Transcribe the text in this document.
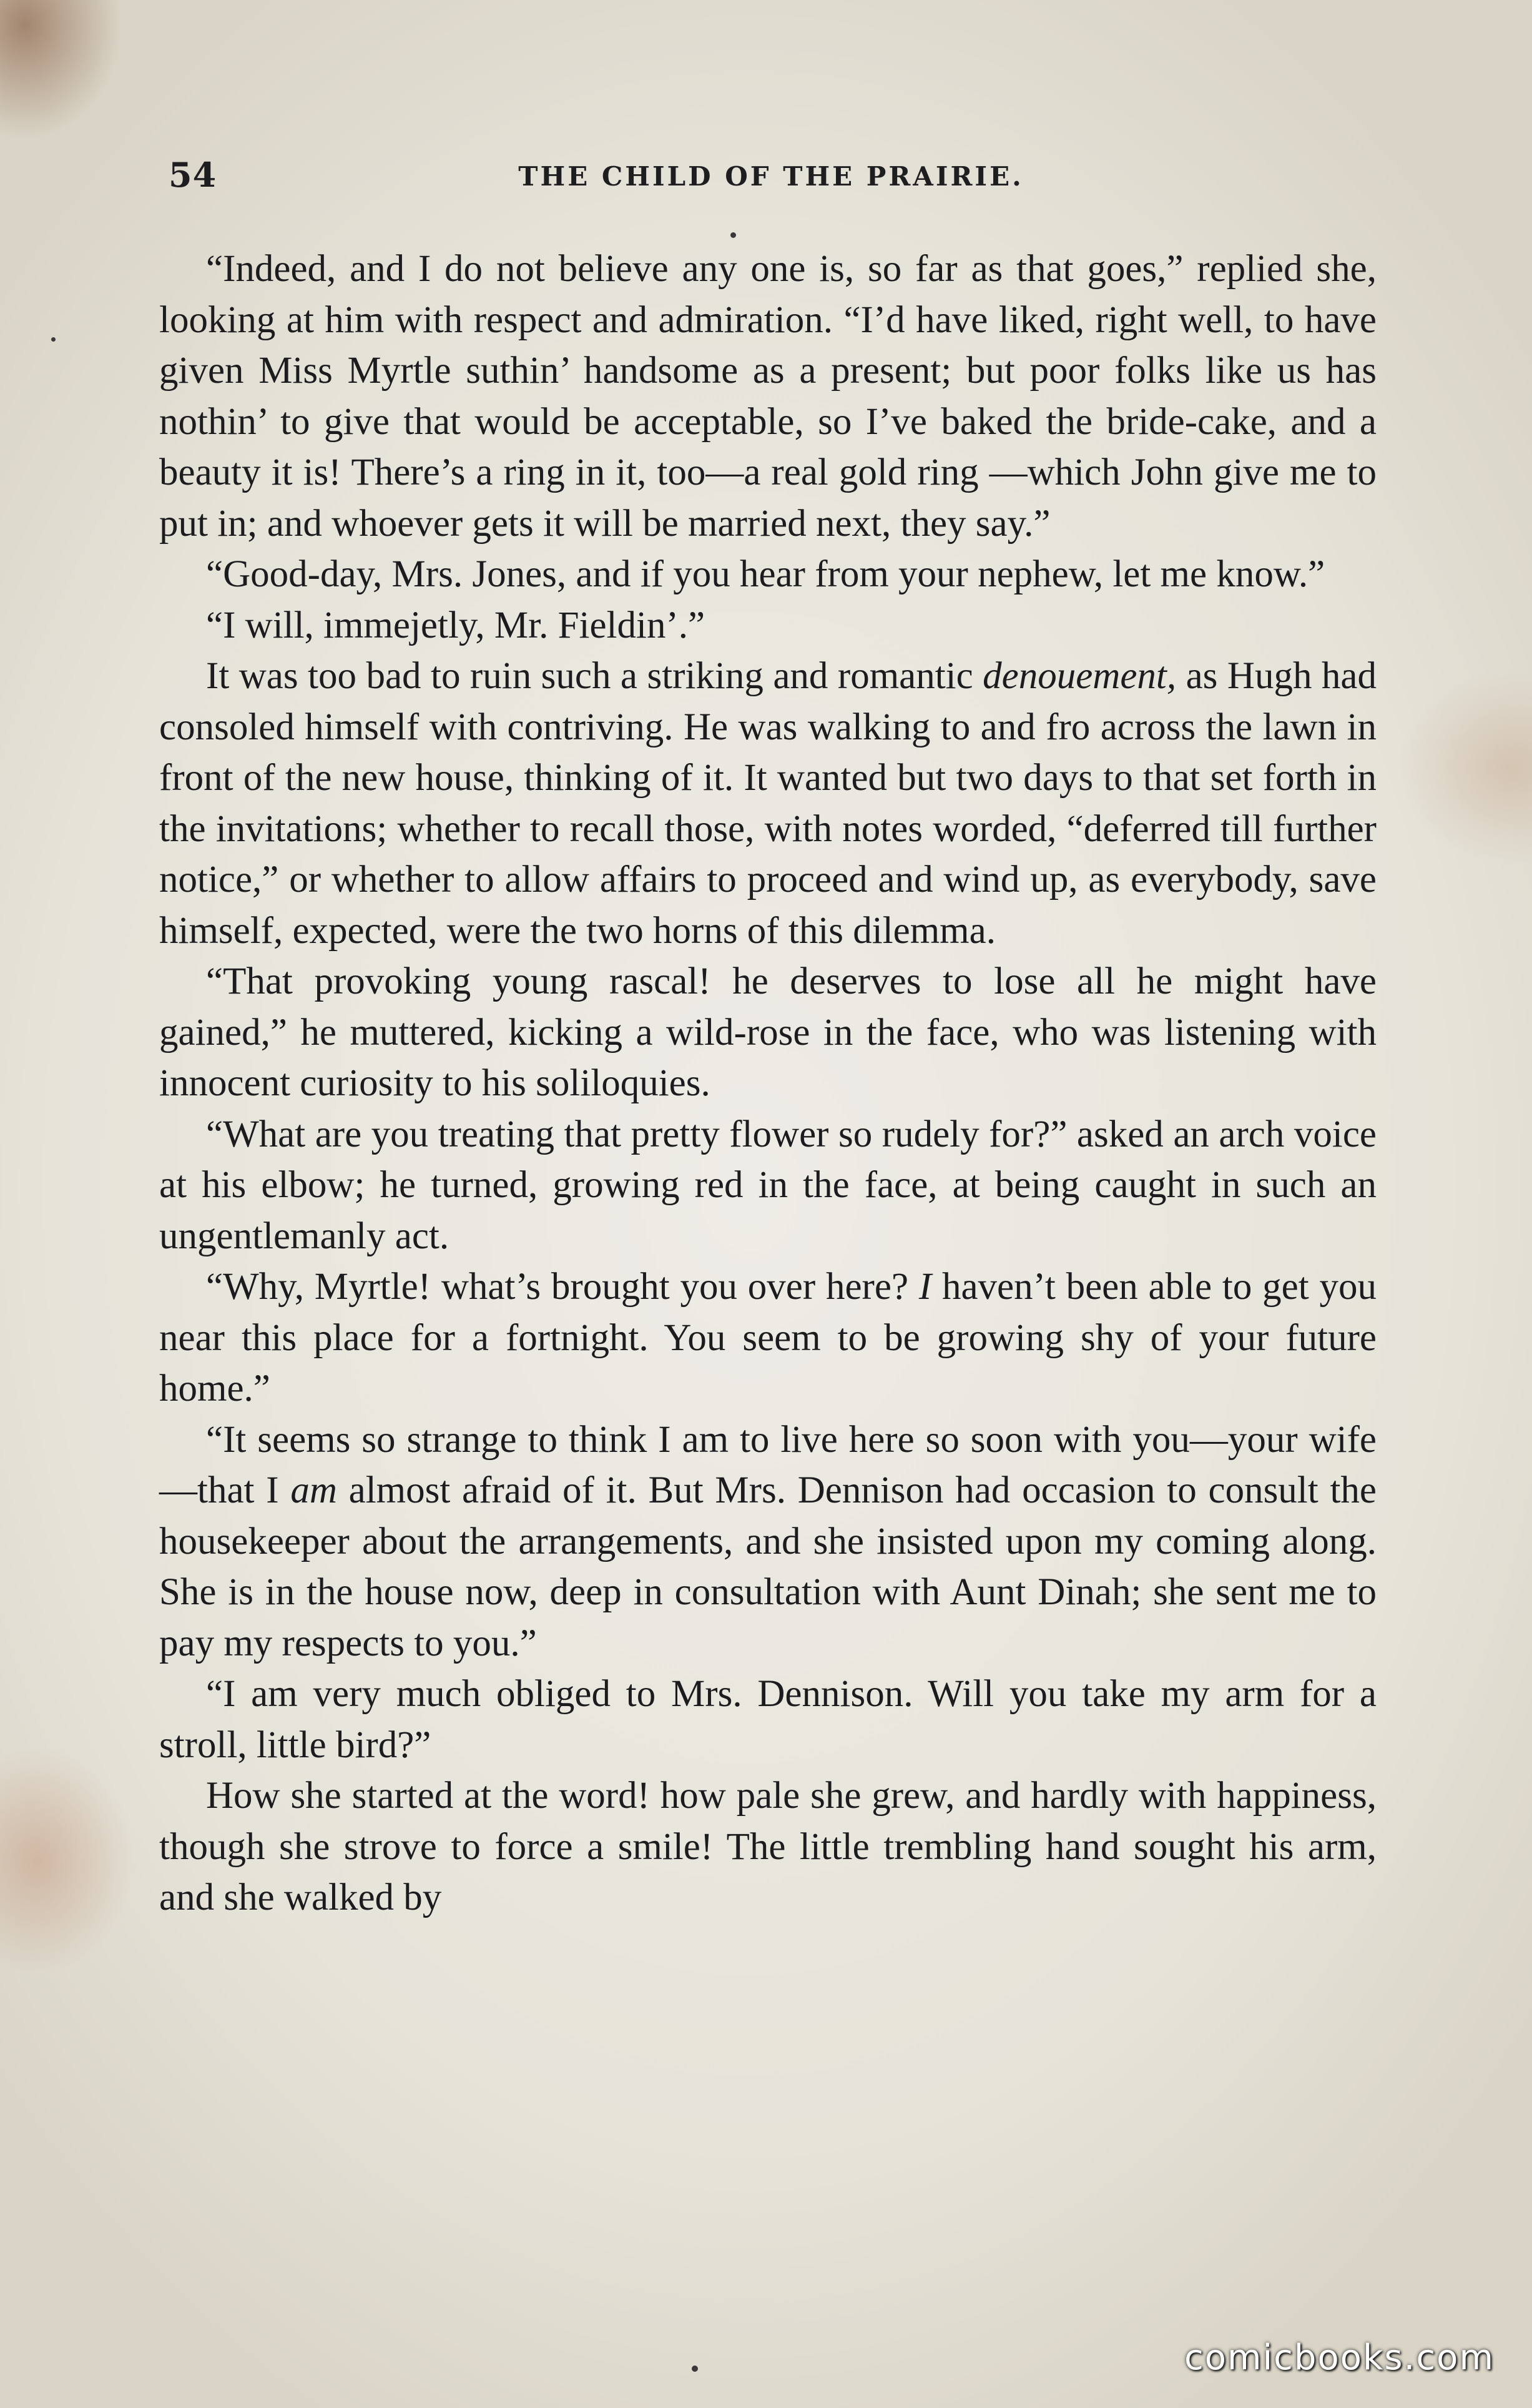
54	THE CHILD OF THE PRAIRIE.

“Indeed, and I do not believe any one is, so far as that goes,” replied she, looking at him with respect and admiration. “I’d have liked, right well, to have given Miss Myrtle suthin’ handsome as a present; but poor folks like us has nothin’ to give that would be acceptable, so I’ve baked the bride-cake, and a beauty it is! There’s a ring in it, too—a real gold ring —which John give me to put in; and whoever gets it will be married next, they say.”

“Good-day, Mrs. Jones, and if you hear from your nephew, let me know.”

“I will, immejetly, Mr. Fieldin’.”

It was too bad to ruin such a striking and romantic denouement, as Hugh had consoled himself with contriving. He was walking to and fro across the lawn in front of the new house, thinking of it. It wanted but two days to that set forth in the invitations; whether to recall those, with notes worded, “deferred till further notice,” or whether to allow affairs to proceed and wind up, as everybody, save himself, expected, were the two horns of this dilemma.

“That provoking young rascal! he deserves to lose all he might have gained,” he muttered, kicking a wild-rose in the face, who was listening with innocent curiosity to his soliloquies.

“What are you treating that pretty flower so rudely for?” asked an arch voice at his elbow; he turned, growing red in the face, at being caught in such an ungentlemanly act.

“Why, Myrtle! what’s brought you over here? I haven’t been able to get you near this place for a fortnight. You seem to be growing shy of your future home.”

“It seems so strange to think I am to live here so soon with you—your wife—that I am almost afraid of it. But Mrs. Dennison had occasion to consult the housekeeper about the arrangements, and she insisted upon my coming along. She is in the house now, deep in consultation with Aunt Dinah; she sent me to pay my respects to you.”

“I am very much obliged to Mrs. Dennison. Will you take my arm for a stroll, little bird?”

How she started at the word! how pale she grew, and hardly with happiness, though she strove to force a smile! The little trembling hand sought his arm, and she walked by

comicbooks.com
